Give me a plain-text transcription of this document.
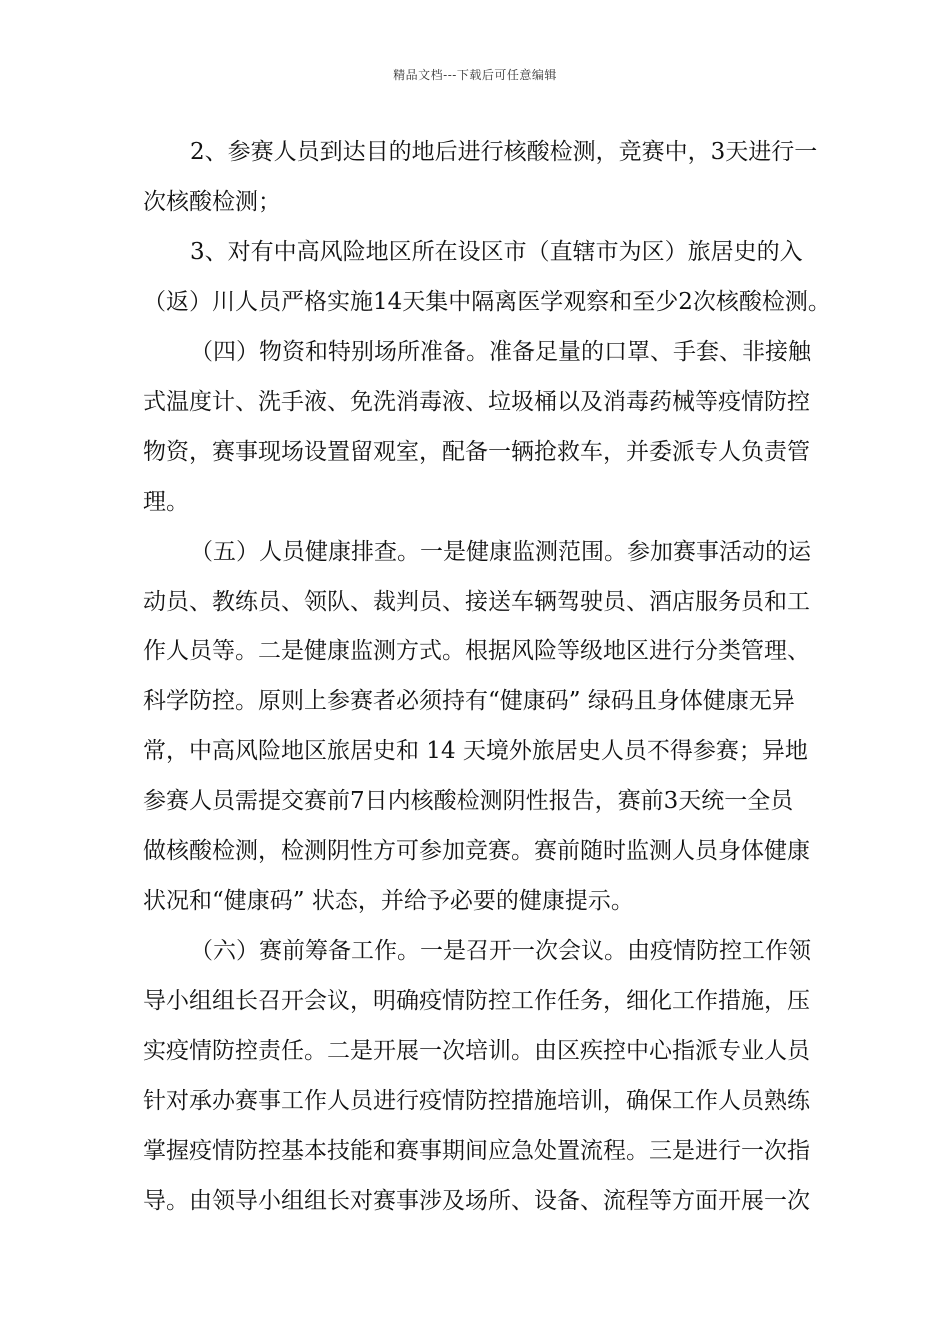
精品文档---下载后可任意编辑
2、参赛人员到达目的地后进行核酸检测，竞赛中，3天进行一
次核酸检测；
3、对有中高风险地区所在设区市（直辖市为区）旅居史的入
（返）川人员严格实施14天集中隔离医学观察和至少2次核酸检测。
（四）物资和特别场所准备。准备足量的口罩、手套、非接触
式温度计、洗手液、免洗消毒液、垃圾桶以及消毒药械等疫情防控
物资，赛事现场设置留观室，配备一辆抢救车，并委派专人负责管
理。
（五）人员健康排查。一是健康监测范围。参加赛事活动的运
动员、教练员、领队、裁判员、接送车辆驾驶员、酒店服务员和工
作人员等。二是健康监测方式。根据风险等级地区进行分类管理、
科学防控。原则上参赛者必须持有“健康码” 绿码且身体健康无异
常，中高风险地区旅居史和 14 天境外旅居史人员不得参赛；异地
参赛人员需提交赛前7日内核酸检测阴性报告，赛前3天统一全员
做核酸检测，检测阴性方可参加竞赛。赛前随时监测人员身体健康
状况和“健康码” 状态，并给予必要的健康提示。
（六）赛前筹备工作。一是召开一次会议。由疫情防控工作领
导小组组长召开会议，明确疫情防控工作任务，细化工作措施，压
实疫情防控责任。二是开展一次培训。由区疾控中心指派专业人员
针对承办赛事工作人员进行疫情防控措施培训，确保工作人员熟练
掌握疫情防控基本技能和赛事期间应急处置流程。三是进行一次指
导。由领导小组组长对赛事涉及场所、设备、流程等方面开展一次
